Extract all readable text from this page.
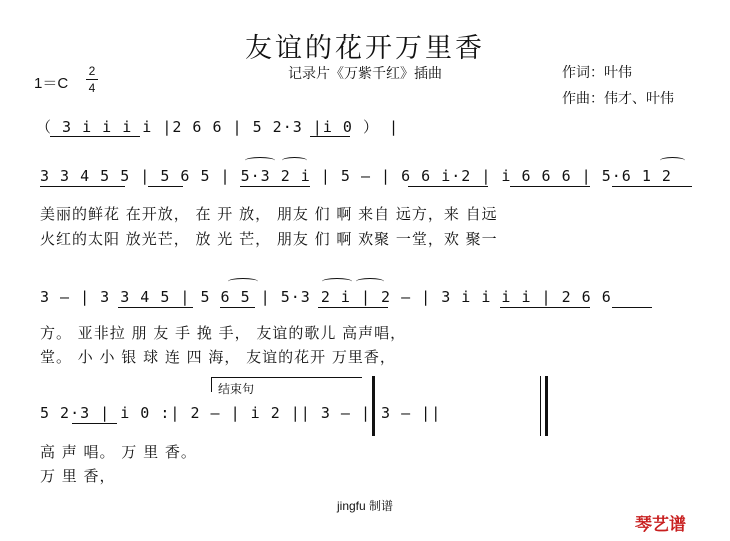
友谊的花开万里香
记录片《万紫千红》插曲	作词：叶伟
作曲：伟才、叶伟
1＝C
2
4
（ 3 i i i i |2 6 6 | 5 2·3 |i 0 ） |
3 3 4 5 5 | 5 6 5 | 5·3 2 i | 5 – | 6 6 i·2 | i 6 6 6 | 5·6 1 2
美丽的鲜花 在开放， 在 开 放， 朋友 们 啊 来自 远方，来 自远
火红的太阳 放光芒， 放 光 芒， 朋友 们 啊 欢聚 一堂，欢 聚一
3 – | 3 3 4 5 | 5 6 5 | 5·3 2 i | 2 – | 3 i i i i | 2 6 6
方。 亚非拉 朋 友 手 挽 手， 友谊的歌儿 高声唱，
堂。 小 小 银 球 连 四 海， 友谊的花开 万里香，
结束句
5 2·3 | i 0 :| 2 – | i 2 || 3 – | 3 – ||
高 声 唱。 万 里 香。
万 里 香，
jingfu 制谱
琴艺谱
